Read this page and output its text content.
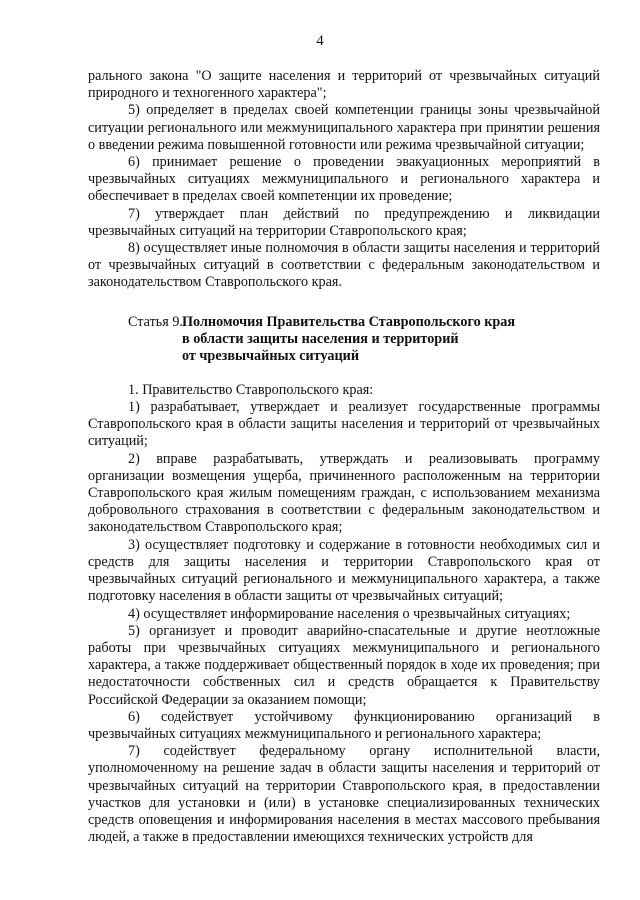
4

рального закона "О защите населения и территорий от чрезвычайных ситуаций природного и техногенного характера";

5) определяет в пределах своей компетенции границы зоны чрезвычайной ситуации регионального или межмуниципального характера при принятии решения о введении режима повышенной готовности или режима чрезвычайной ситуации;

6) принимает решение о проведении эвакуационных мероприятий в чрезвычайных ситуациях межмуниципального и регионального характера и обеспечивает в пределах своей компетенции их проведение;

7) утверждает план действий по предупреждению и ликвидации чрезвычайных ситуаций на территории Ставропольского края;

8) осуществляет иные полномочия в области защиты населения и территорий от чрезвычайных ситуаций в соответствии с федеральным законодательством и законодательством Ставропольского края.

Статья 9. Полномочия Правительства Ставропольского края
в области защиты населения и территорий
от чрезвычайных ситуаций

1. Правительство Ставропольского края:

1) разрабатывает, утверждает и реализует государственные программы Ставропольского края в области защиты населения и территорий от чрезвычайных ситуаций;

2) вправе разрабатывать, утверждать и реализовывать программу организации возмещения ущерба, причиненного расположенным на территории Ставропольского края жилым помещениям граждан, с использованием механизма добровольного страхования в соответствии с федеральным законодательством и законодательством Ставропольского края;

3) осуществляет подготовку и содержание в готовности необходимых сил и средств для защиты населения и территории Ставропольского края от чрезвычайных ситуаций регионального и межмуниципального характера, а также подготовку населения в области защиты от чрезвычайных ситуаций;

4) осуществляет информирование населения о чрезвычайных ситуациях;

5) организует и проводит аварийно-спасательные и другие неотложные работы при чрезвычайных ситуациях межмуниципального и регионального характера, а также поддерживает общественный порядок в ходе их проведения; при недостаточности собственных сил и средств обращается к Правительству Российской Федерации за оказанием помощи;

6) содействует устойчивому функционированию организаций в чрезвычайных ситуациях межмуниципального и регионального характера;

7) содействует федеральному органу исполнительной власти, уполномоченному на решение задач в области защиты населения и территорий от чрезвычайных ситуаций на территории Ставропольского края, в предоставлении участков для установки и (или) в установке специализированных технических средств оповещения и информирования населения в местах массового пребывания людей, а также в предоставлении имеющихся технических устройств для
